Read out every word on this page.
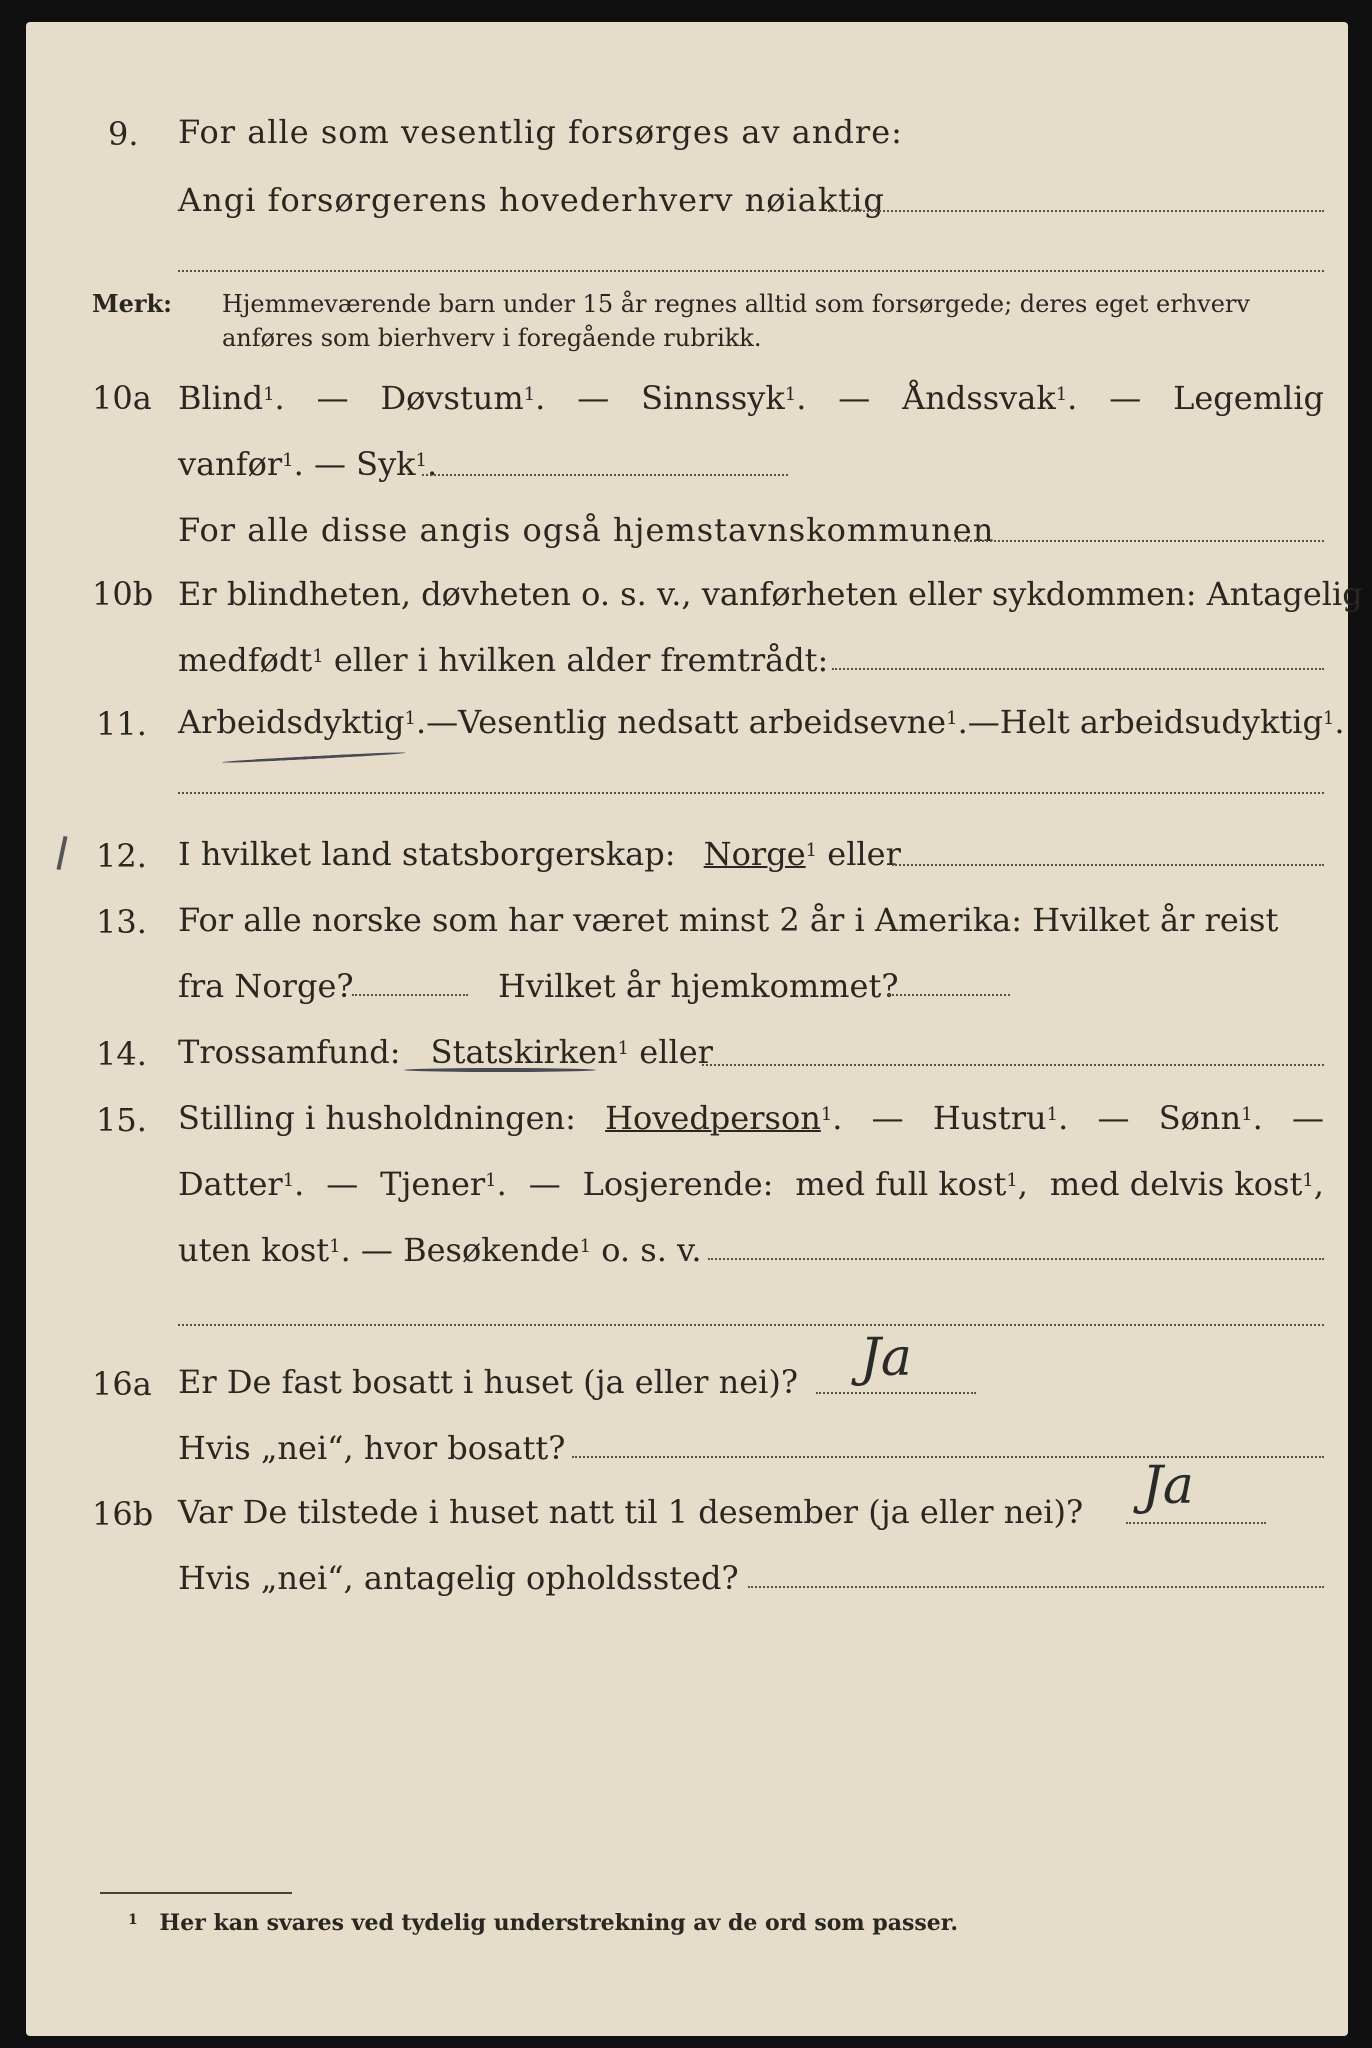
9. For alle som vesentlig forsørges av andre:
Angi forsørgerens hovederhverv nøiaktig
Merk: Hjemmeværende barn under 15 år regnes alltid som forsørgede; deres eget erhverv
anføres som bierhverv i foregående rubrikk.
10a Blind$^1$. — Døvstum$^1$. — Sinnssyk$^1$. — Åndssvak$^1$. — Legemlig
vanfør$^1$. — Syk$^1$.
For alle disse angis også hjemstavnskommunen
10b Er blindheten, døvheten o. s. v., vanførheten eller sykdommen: Antagelig
medfødt$^1$ eller i hvilken alder fremtrådt:
11. Arbeidsdyktig$^1$. — Vesentlig nedsatt arbeidsevne$^1$. — Helt arbeidsudyktig$^1$.
12. I hvilket land statsborgerskap: Norge$^1$ eller
13. For alle norske som har været minst 2 år i Amerika: Hvilket år reist
fra Norge?	Hvilket år hjemkommet?
14. Trossamfund: Statskirken$^1$ eller
15. Stilling i husholdningen: Hovedperson$^1$. — Hustru$^1$. — Sønn$^1$. —
Datter$^1$. — Tjener$^1$. — Losjerende: med full kost$^1$, med delvis kost$^1$,
uten kost$^1$. — Besøkende$^1$ o. s. v.
16a Er De fast bosatt i huset (ja eller nei)? Ja
Hvis „nei“, hvor bosatt?
16b Var De tilstede i huset natt til 1 desember (ja eller nei)? Ja
Hvis „nei“, antagelig opholdssted?
$^1$ Her kan svares ved tydelig understrekning av de ord som passer.
